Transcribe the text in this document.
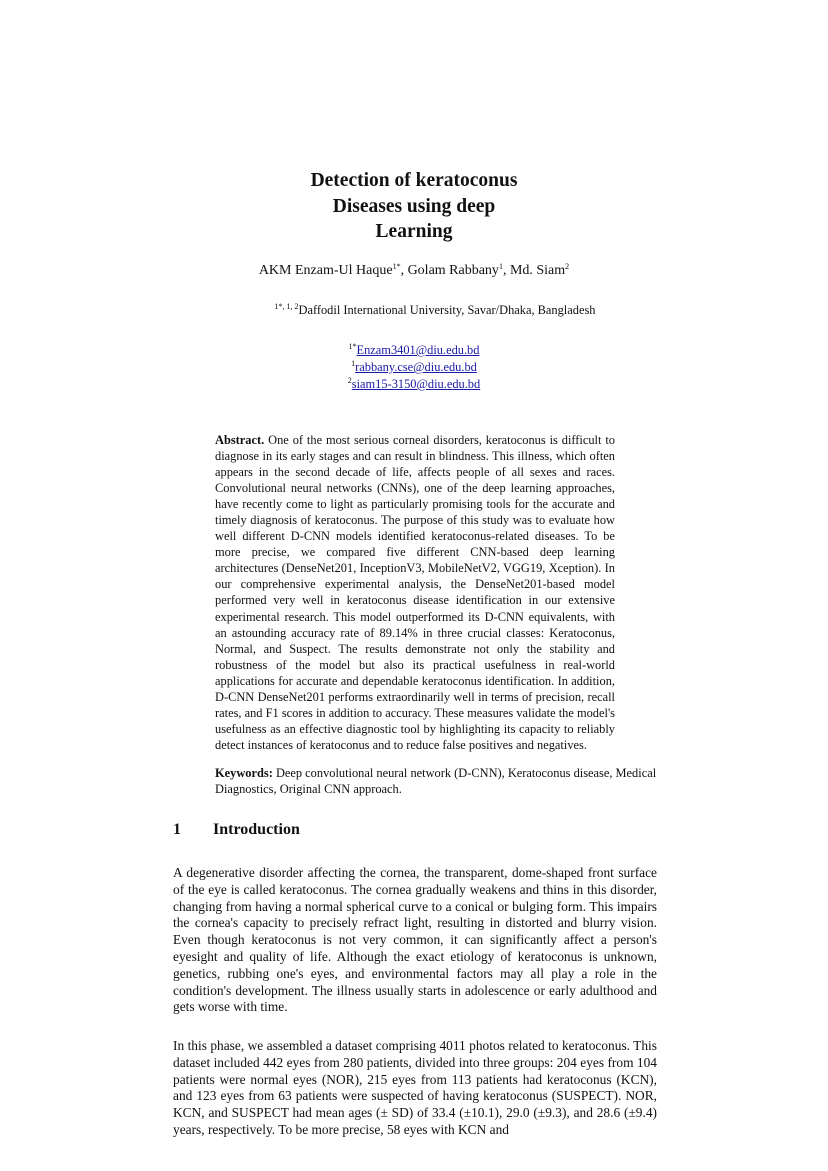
Detection of keratoconus
Diseases using deep
Learning
AKM Enzam-Ul Haque$^{1*}$, Golam Rabbany$^1$, Md. Siam$^2$
$^{1*, 1, 2}$Daffodil International University, Savar/Dhaka, Bangladesh
$^{1*}$Enzam3401@diu.edu.bd
$^1$rabbany.cse@diu.edu.bd
$^2$siam15-3150@diu.edu.bd
Abstract. One of the most serious corneal disorders, keratoconus is difficult to diagnose in its early stages and can result in blindness. This illness, which often appears in the second decade of life, affects people of all sexes and races. Convolutional neural networks (CNNs), one of the deep learning approaches, have recently come to light as particularly promising tools for the accurate and timely diagnosis of keratoconus. The purpose of this study was to evaluate how well different D-CNN models identified keratoconus-related diseases. To be more precise, we compared five different CNN-based deep learning architectures (DenseNet201, InceptionV3, MobileNetV2, VGG19, Xception). In our comprehensive experimental analysis, the DenseNet201-based model performed very well in keratoconus disease identification in our extensive experimental research. This model outperformed its D-CNN equivalents, with an astounding accuracy rate of 89.14% in three crucial classes: Keratoconus, Normal, and Suspect. The results demonstrate not only the stability and robustness of the model but also its practical usefulness in real-world applications for accurate and dependable keratoconus identification. In addition, D-CNN DenseNet201 performs extraordinarily well in terms of precision, recall rates, and F1 scores in addition to accuracy. These measures validate the model's usefulness as an effective diagnostic tool by highlighting its capacity to reliably detect instances of keratoconus and to reduce false positives and negatives.
Keywords: Deep convolutional neural network (D-CNN), Keratoconus disease, Medical Diagnostics, Original CNN approach.
1 Introduction

A degenerative disorder affecting the cornea, the transparent, dome-shaped front surface of the eye is called keratoconus. The cornea gradually weakens and thins in this disorder, changing from having a normal spherical curve to a conical or bulging form. This impairs the cornea's capacity to precisely refract light, resulting in distorted and blurry vision. Even though keratoconus is not very common, it can significantly affect a person's eyesight and quality of life. Although the exact etiology of keratoconus is unknown, genetics, rubbing one's eyes, and environmental factors may all play a role in the condition's development. The illness usually starts in adolescence or early adulthood and gets worse with time.

In this phase, we assembled a dataset comprising 4011 photos related to keratoconus. This dataset included 442 eyes from 280 patients, divided into three groups: 204 eyes from 104 patients were normal eyes (NOR), 215 eyes from 113 patients had keratoconus (KCN), and 123 eyes from 63 patients were suspected of having keratoconus (SUSPECT). NOR, KCN, and SUSPECT had mean ages (± SD) of 33.4 (±10.1), 29.0 (±9.3), and 28.6 (±9.4) years, respectively. To be more precise, 58 eyes with KCN and
